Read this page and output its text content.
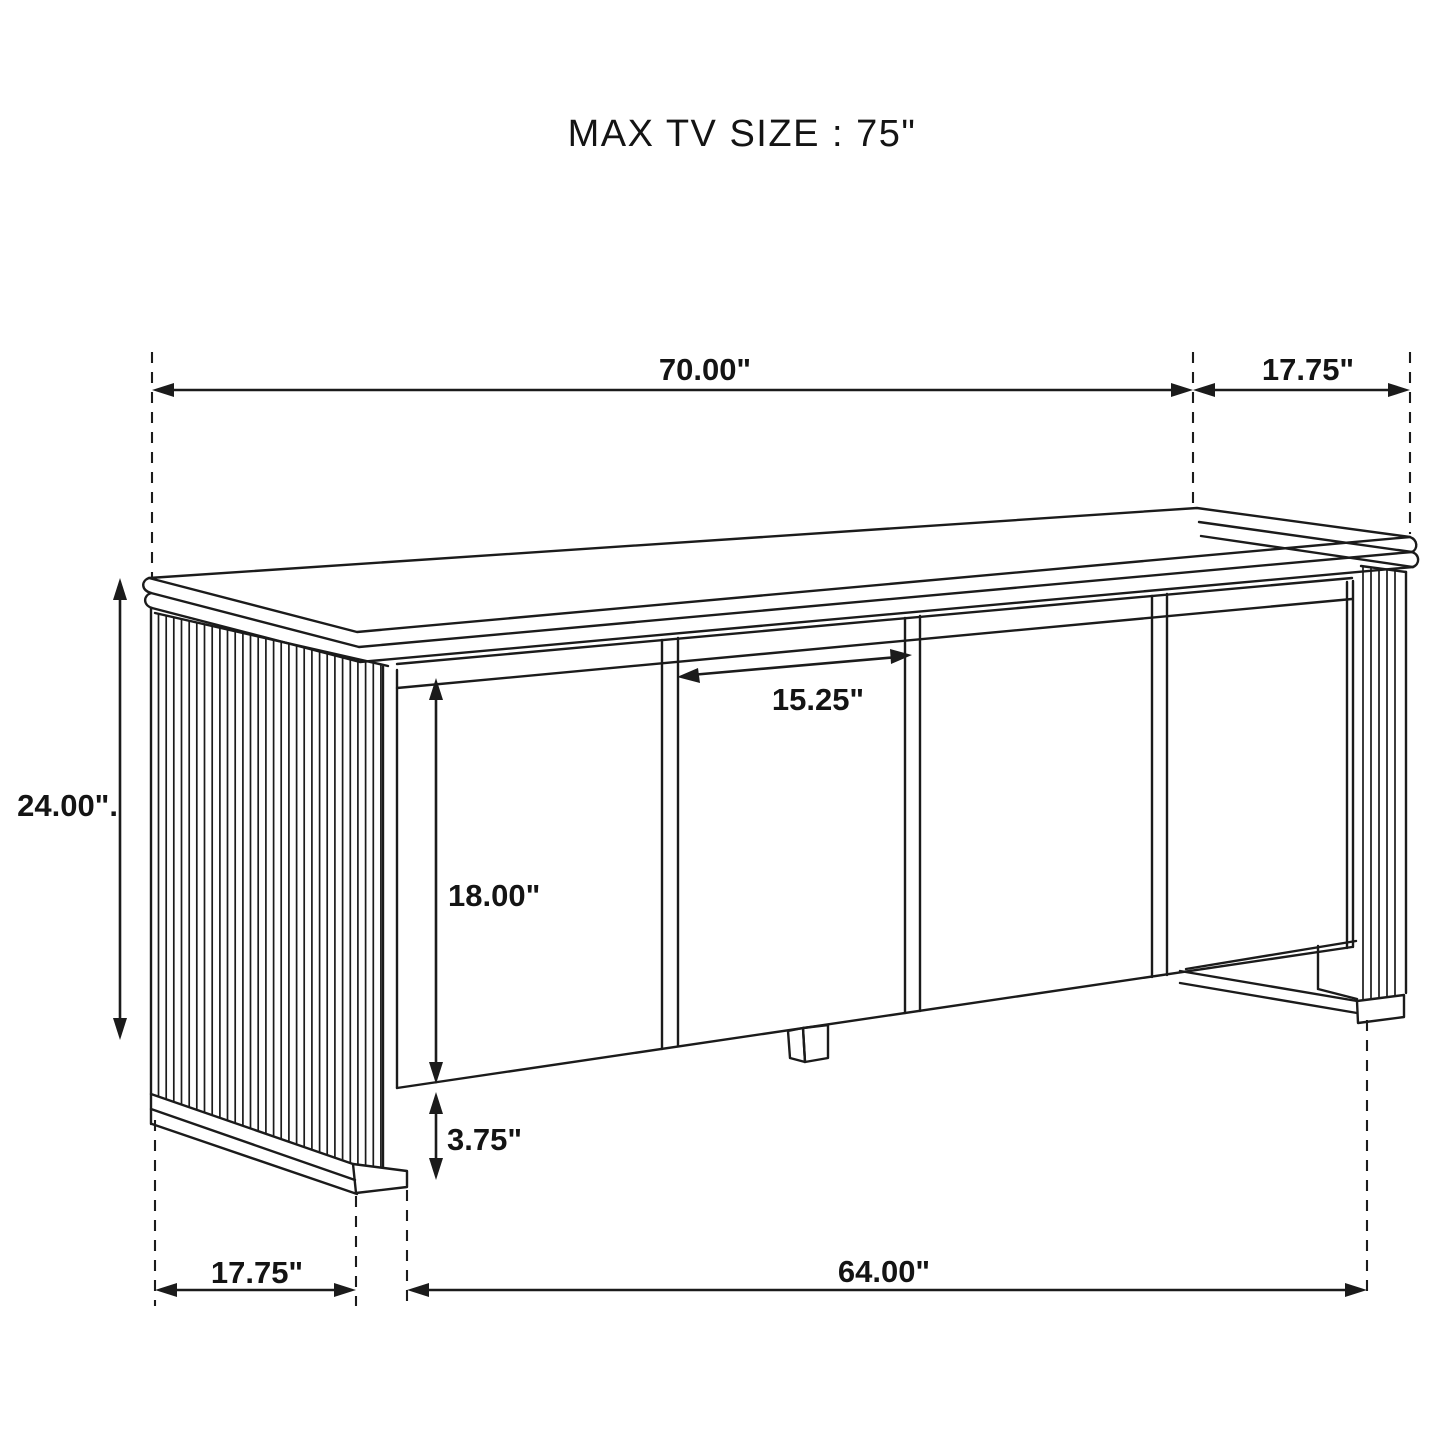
MAX TV SIZE : 75"
70.00"	17.75"
24.00".
18.00"
15.25"
3.75"
17.75"	64.00"
